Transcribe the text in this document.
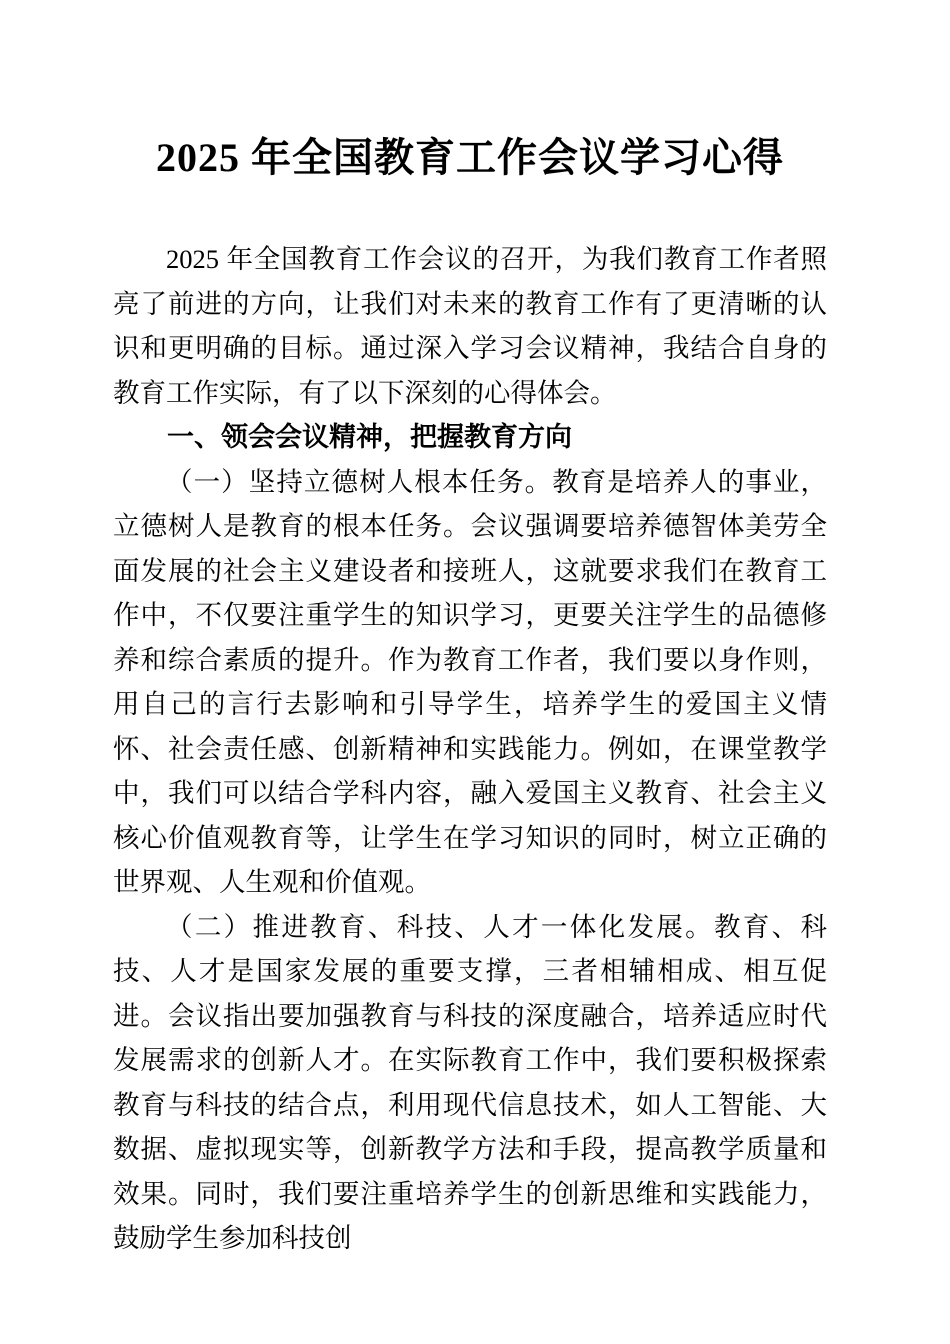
2025 年全国教育工作会议学习心得

2025 年全国教育工作会议的召开，为我们教育工作者照亮了前进的方向，让我们对未来的教育工作有了更清晰的认识和更明确的目标。通过深入学习会议精神，我结合自身的教育工作实际，有了以下深刻的心得体会。

一、领会会议精神，把握教育方向

（一）坚持立德树人根本任务。教育是培养人的事业，立德树人是教育的根本任务。会议强调要培养德智体美劳全面发展的社会主义建设者和接班人，这就要求我们在教育工作中，不仅要注重学生的知识学习，更要关注学生的品德修养和综合素质的提升。作为教育工作者，我们要以身作则，用自己的言行去影响和引导学生，培养学生的爱国主义情怀、社会责任感、创新精神和实践能力。例如，在课堂教学中，我们可以结合学科内容，融入爱国主义教育、社会主义核心价值观教育等，让学生在学习知识的同时，树立正确的世界观、人生观和价值观。

（二）推进教育、科技、人才一体化发展。教育、科技、人才是国家发展的重要支撑，三者相辅相成、相互促进。会议指出要加强教育与科技的深度融合，培养适应时代发展需求的创新人才。在实际教育工作中，我们要积极探索教育与科技的结合点，利用现代信息技术，如人工智能、大数据、虚拟现实等，创新教学方法和手段，提高教学质量和效果。同时，我们要注重培养学生的创新思维和实践能力，鼓励学生参加科技创
